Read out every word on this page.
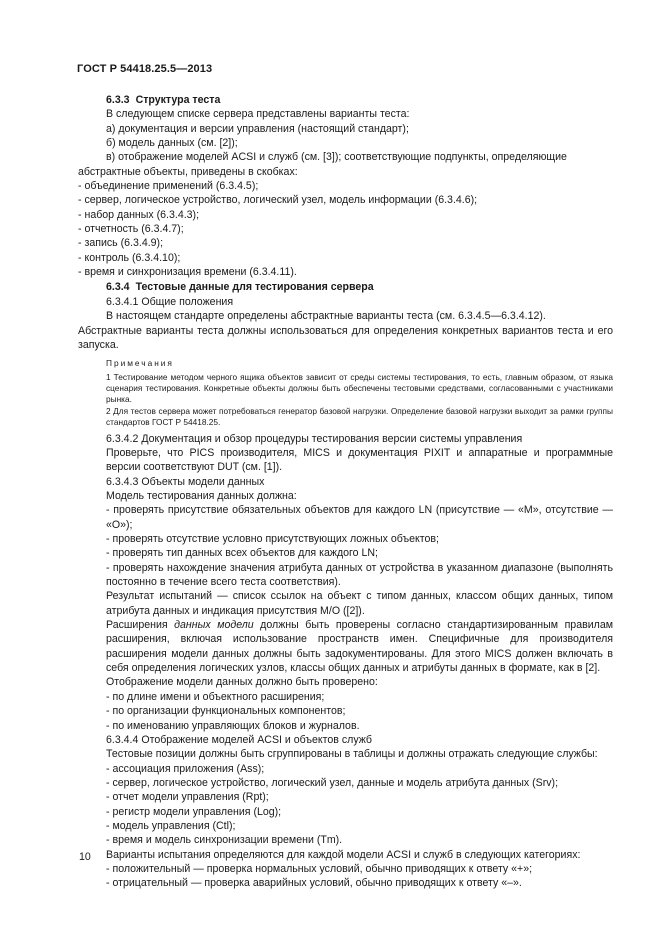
ГОСТ Р 54418.25.5—2013

6.3.3 Структура теста

В следующем списке сервера представлены варианты теста:

а) документация и версии управления (настоящий стандарт);

б) модель данных (см. [2]);

в) отображение моделей ACSI и служб (см. [3]); соответствующие подпункты, определяющие

абстрактные объекты, приведены в скобках:

- объединение применений (6.3.4.5);

- сервер, логическое устройство, логический узел, модель информации (6.3.4.6);

- набор данных (6.3.4.3);

- отчетность (6.3.4.7);

- запись (6.3.4.9);

- контроль (6.3.4.10);

- время и синхронизация времени (6.3.4.11).

6.3.4 Тестовые данные для тестирования сервера

6.3.4.1 Общие положения

В настоящем стандарте определены абстрактные варианты теста (см. 6.3.4.5—6.3.4.12).

Абстрактные варианты теста должны использоваться для определения конкретных вариантов теста и его запуска.

Примечания

1 Тестирование методом черного ящика объектов зависит от среды системы тестирования, то есть, главным образом, от языка сценария тестирования. Конкретные объекты должны быть обеспечены тестовыми средствами, согласованными с участниками рынка.

2 Для тестов сервера может потребоваться генератор базовой нагрузки. Определение базовой нагрузки выходит за рамки группы стандартов ГОСТ Р 54418.25.

6.3.4.2 Документация и обзор процедуры тестирования версии системы управления

Проверьте, что PICS производителя, MICS и документация PIXIT и аппаратные и программные версии соответствуют DUT (см. [1]).

6.3.4.3 Объекты модели данных

Модель тестирования данных должна:

- проверять присутствие обязательных объектов для каждого LN (присутствие — «М», отсутствие — «О»);

- проверять отсутствие условно присутствующих ложных объектов;

- проверять тип данных всех объектов для каждого LN;

- проверять нахождение значения атрибута данных от устройства в указанном диапазоне (выполнять постоянно в течение всего теста соответствия).

Результат испытаний — список ссылок на объект с типом данных, классом общих данных, типом атрибута данных и индикация присутствия М/О ([2]).

Расширения данных модели должны быть проверены согласно стандартизированным правилам расширения, включая использование пространств имен. Специфичные для производителя расширения модели данных должны быть задокументированы. Для этого MICS должен включать в себя определения логических узлов, классы общих данных и атрибуты данных в формате, как в [2].

Отображение модели данных должно быть проверено:

- по длине имени и объектного расширения;

- по организации функциональных компонентов;

- по именованию управляющих блоков и журналов.

6.3.4.4 Отображение моделей ACSI и объектов служб

Тестовые позиции должны быть сгруппированы в таблицы и должны отражать следующие службы:

- ассоциация приложения (Ass);

- сервер, логическое устройство, логический узел, данные и модель атрибута данных (Srv);

- отчет модели управления (Rpt);

- регистр модели управления (Log);

- модель управления (Ctl);

- время и модель синхронизации времени (Tm).

Варианты испытания определяются для каждой модели ACSI и служб в следующих категориях:

- положительный — проверка нормальных условий, обычно приводящих к ответу «+»;

- отрицательный — проверка аварийных условий, обычно приводящих к ответу «–».

10
